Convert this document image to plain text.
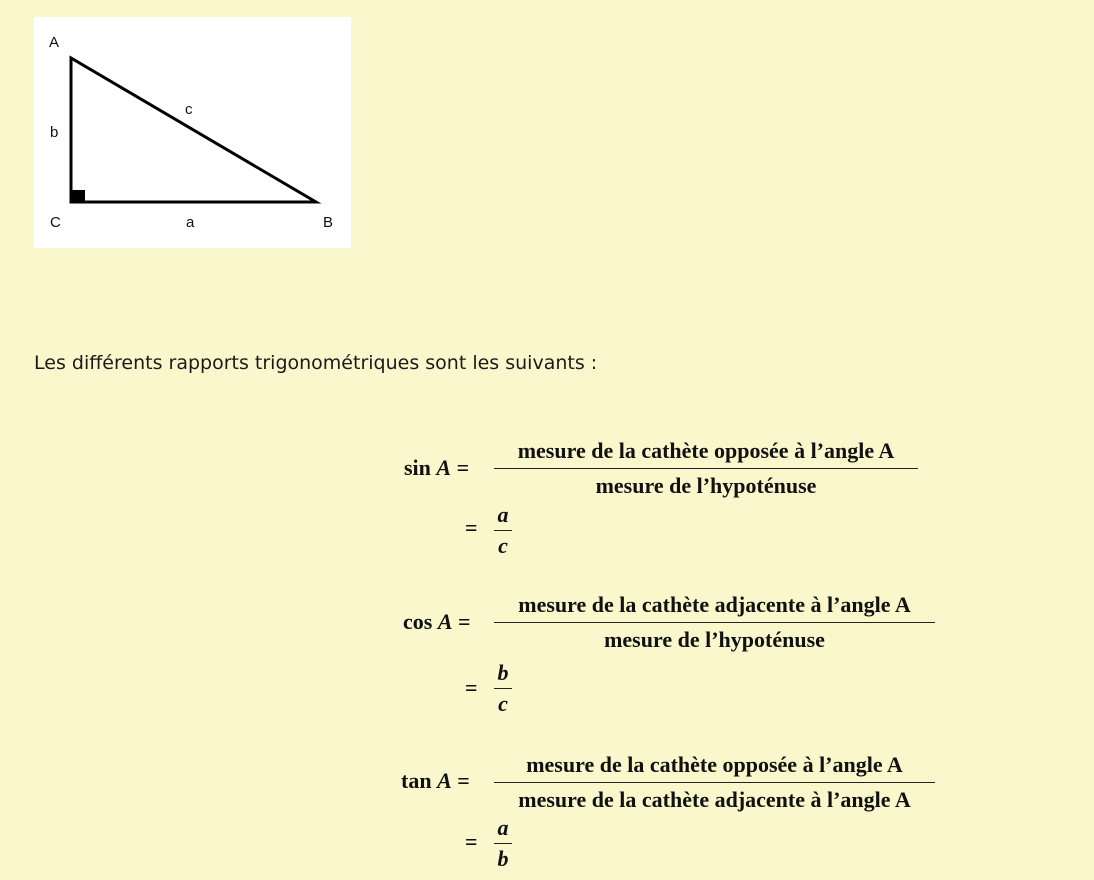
A
B
C	a
b
c
Les différents rapports trigonométriques sont les suivants :
sin A =
mesure de la cathète opposée à l’angle A
mesure de l’hypoténuse
=
a
c
cos A =
mesure de la cathète adjacente à l’angle A
mesure de l’hypoténuse
=
b
c
tan A =
mesure de la cathète opposée à l’angle A
mesure de la cathète adjacente à l’angle A
=
a
b
